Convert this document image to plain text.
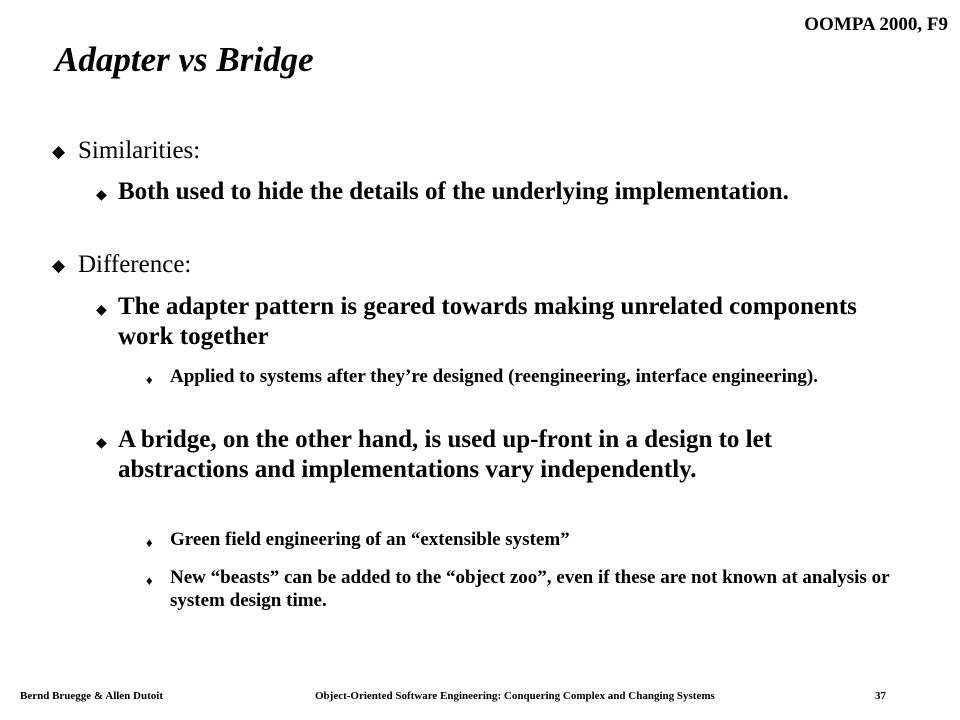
OOMPA 2000, F9
Adapter vs Bridge
◆ Similarities:
◆ Both used to hide the details of the underlying implementation.
◆ Difference:
◆ The adapter pattern is geared towards making unrelated components work together
♦ Applied to systems after they’re designed (reengineering, interface engineering).
◆ A bridge, on the other hand, is used up-front in a design to let abstractions and implementations vary independently.
♦ Green field engineering of an “extensible system”
♦ New “beasts” can be added to the “object zoo”, even if these are not known at analysis or system design time.
Bernd Bruegge & Allen Dutoit	Object-Oriented Software Engineering: Conquering Complex and Changing Systems	37
